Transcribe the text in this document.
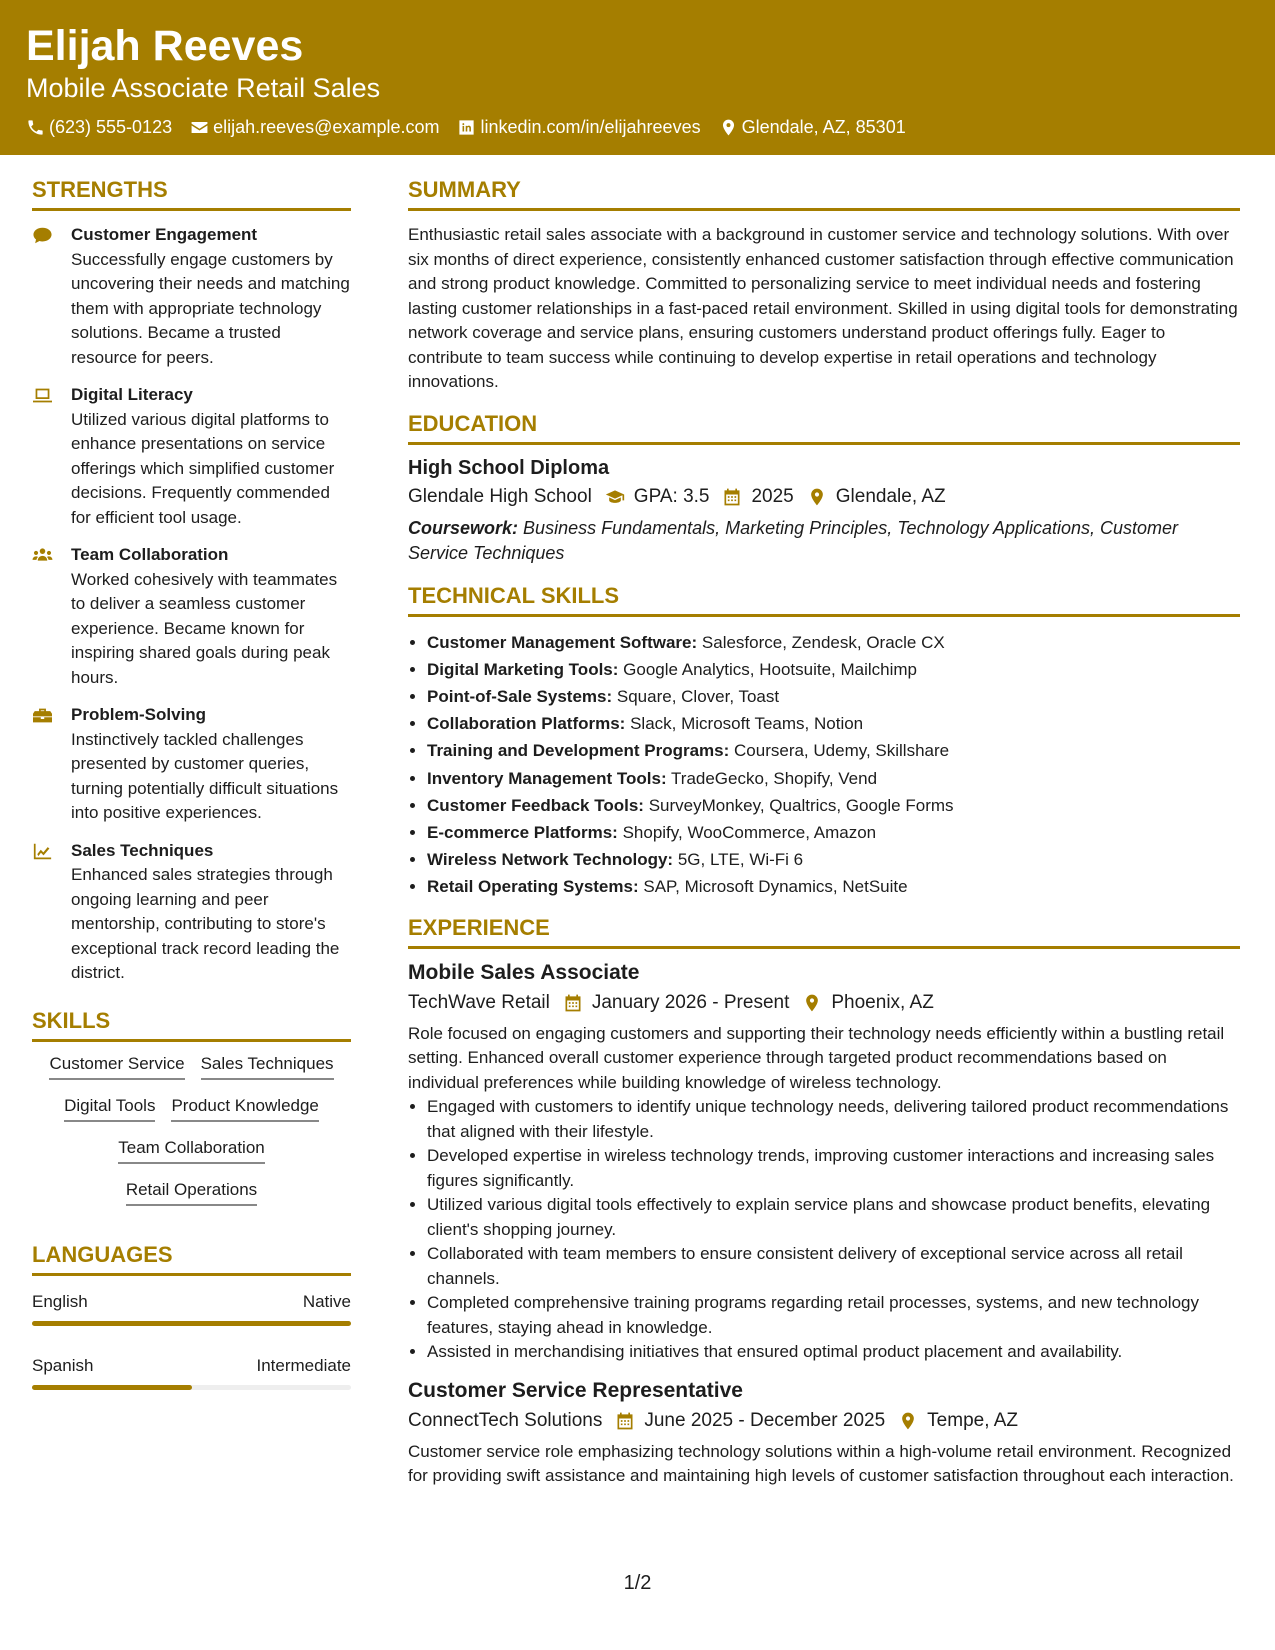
Elijah Reeves
Mobile Associate Retail Sales
(623) 555-0123 elijah.reeves@example.com linkedin.com/in/elijahreeves Glendale, AZ, 85301
STRENGTHS
Customer Engagement
Successfully engage customers by uncovering their needs and matching them with appropriate technology solutions. Became a trusted resource for peers.
Digital Literacy
Utilized various digital platforms to enhance presentations on service offerings which simplified customer decisions. Frequently commended for efficient tool usage.
Team Collaboration
Worked cohesively with teammates to deliver a seamless customer experience. Became known for inspiring shared goals during peak hours.
Problem-Solving
Instinctively tackled challenges presented by customer queries, turning potentially difficult situations into positive experiences.
Sales Techniques
Enhanced sales strategies through ongoing learning and peer mentorship, contributing to store's exceptional track record leading the district.
SKILLS
Customer Service Sales Techniques
Digital Tools Product Knowledge
Team Collaboration
Retail Operations
LANGUAGES
English	Native
Spanish	Intermediate
SUMMARY
Enthusiastic retail sales associate with a background in customer service and technology solutions. With over six months of direct experience, consistently enhanced customer satisfaction through effective communication and strong product knowledge. Committed to personalizing service to meet individual needs and fostering lasting customer relationships in a fast-paced retail environment. Skilled in using digital tools for demonstrating network coverage and service plans, ensuring customers understand product offerings fully. Eager to contribute to team success while continuing to develop expertise in retail operations and technology innovations.
EDUCATION
High School Diploma
Glendale High School GPA: 3.5 2025 Glendale, AZ
Coursework: Business Fundamentals, Marketing Principles, Technology Applications, Customer Service Techniques
TECHNICAL SKILLS
• Customer Management Software: Salesforce, Zendesk, Oracle CX
• Digital Marketing Tools: Google Analytics, Hootsuite, Mailchimp
• Point-of-Sale Systems: Square, Clover, Toast
• Collaboration Platforms: Slack, Microsoft Teams, Notion
• Training and Development Programs: Coursera, Udemy, Skillshare
• Inventory Management Tools: TradeGecko, Shopify, Vend
• Customer Feedback Tools: SurveyMonkey, Qualtrics, Google Forms
• E-commerce Platforms: Shopify, WooCommerce, Amazon
• Wireless Network Technology: 5G, LTE, Wi-Fi 6
• Retail Operating Systems: SAP, Microsoft Dynamics, NetSuite
EXPERIENCE
Mobile Sales Associate
TechWave Retail January 2026 - Present Phoenix, AZ
Role focused on engaging customers and supporting their technology needs efficiently within a bustling retail setting. Enhanced overall customer experience through targeted product recommendations based on individual preferences while building knowledge of wireless technology.
• Engaged with customers to identify unique technology needs, delivering tailored product recommendations that aligned with their lifestyle.
• Developed expertise in wireless technology trends, improving customer interactions and increasing sales figures significantly.
• Utilized various digital tools effectively to explain service plans and showcase product benefits, elevating client's shopping journey.
• Collaborated with team members to ensure consistent delivery of exceptional service across all retail channels.
• Completed comprehensive training programs regarding retail processes, systems, and new technology features, staying ahead in knowledge.
• Assisted in merchandising initiatives that ensured optimal product placement and availability.
Customer Service Representative
ConnectTech Solutions June 2025 - December 2025 Tempe, AZ
Customer service role emphasizing technology solutions within a high-volume retail environment. Recognized for providing swift assistance and maintaining high levels of customer satisfaction throughout each interaction.
1/2
